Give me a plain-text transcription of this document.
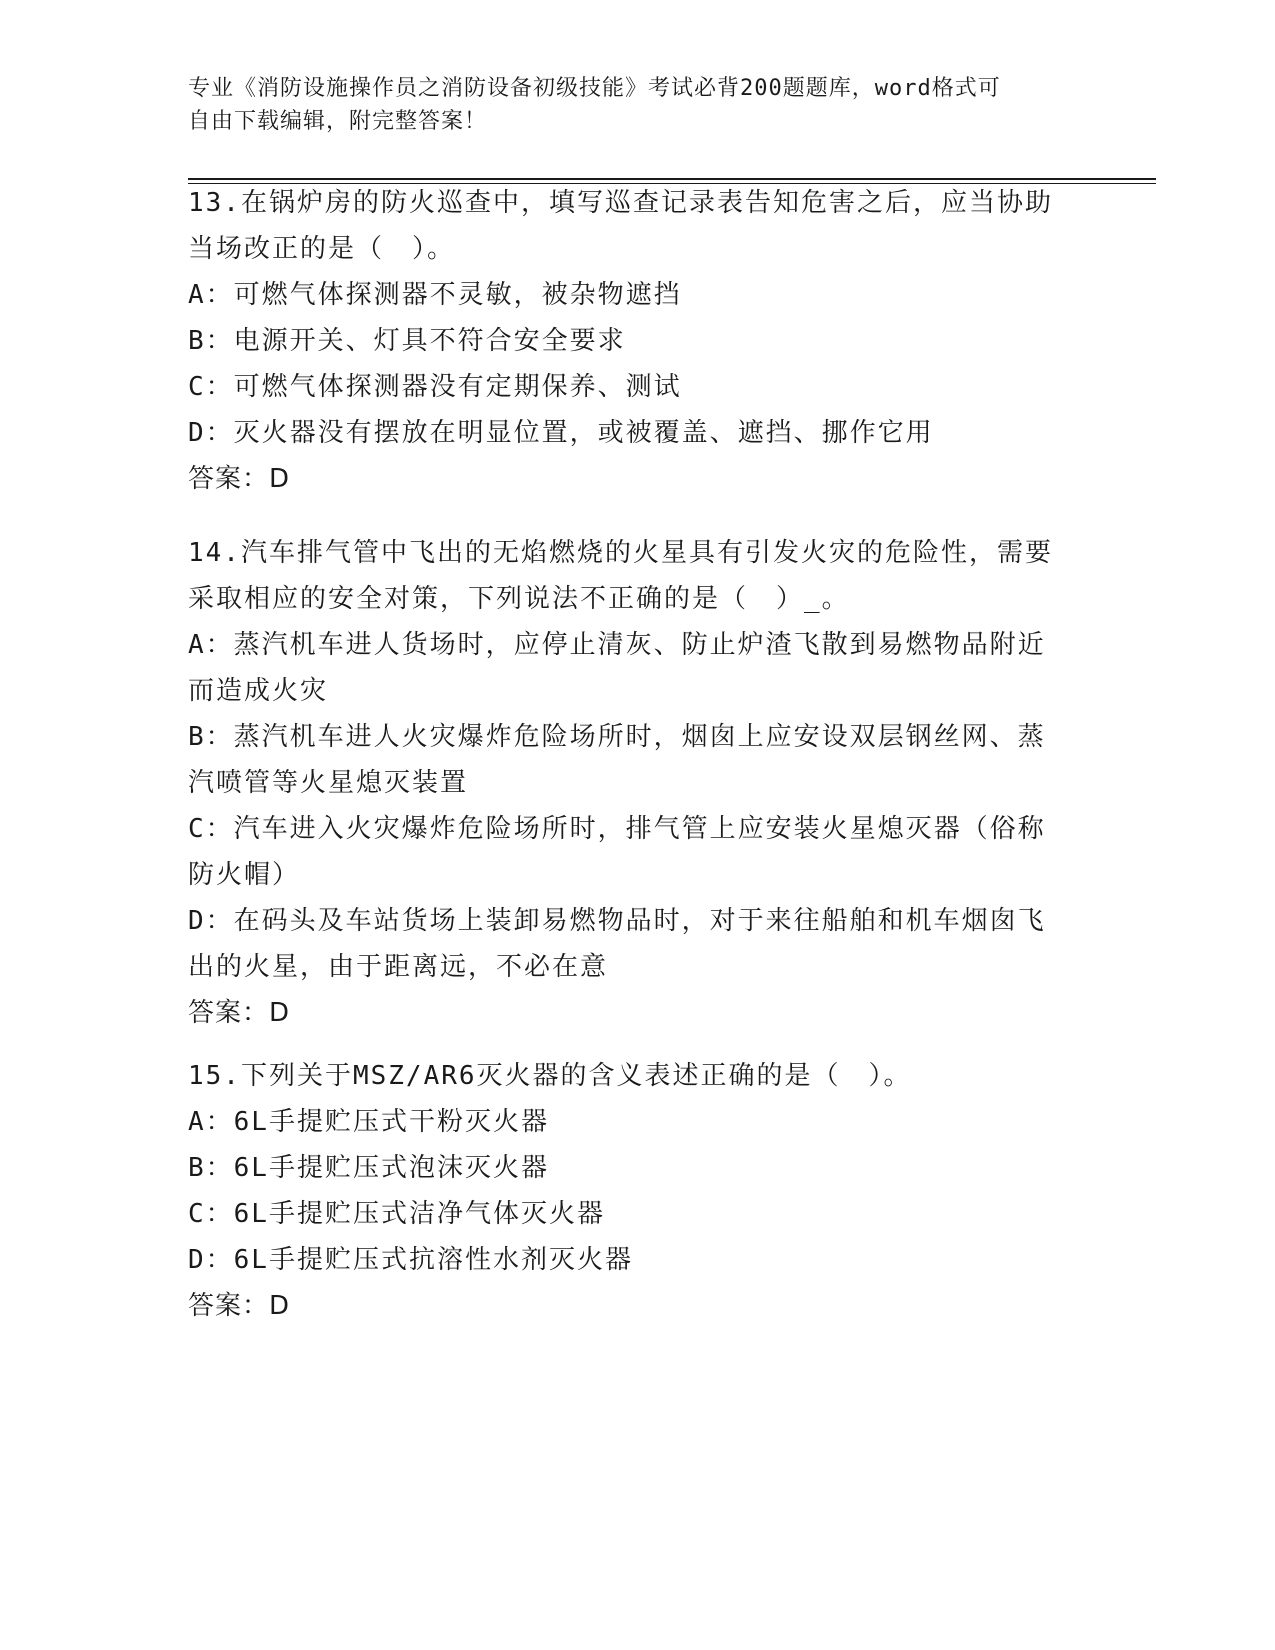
专业《消防设施操作员之消防设备初级技能》考试必背200题题库，word格式可
自由下载编辑，附完整答案！
13.在锅炉房的防火巡查中，填写巡查记录表告知危害之后，应当协助
当场改正的是（　）。
A：可燃气体探测器不灵敏，被杂物遮挡
B：电源开关、灯具不符合安全要求
C：可燃气体探测器没有定期保养、测试
D：灭火器没有摆放在明显位置，或被覆盖、遮挡、挪作它用
答案：D
14.汽车排气管中飞出的无焰燃烧的火星具有引发火灾的危险性，需要
采取相应的安全对策，下列说法不正确的是（　）_。
A：蒸汽机车进人货场时，应停止清灰、防止炉渣飞散到易燃物品附近
而造成火灾
B：蒸汽机车进人火灾爆炸危险场所时，烟囱上应安设双层钢丝网、蒸
汽喷管等火星熄灭装置
C：汽车进入火灾爆炸危险场所时，排气管上应安装火星熄灭器（俗称
防火帽）
D：在码头及车站货场上装卸易燃物品时，对于来往船舶和机车烟囱飞
出的火星，由于距离远，不必在意
答案：D
15.下列关于MSZ/AR6灭火器的含义表述正确的是（　）。
A：6L手提贮压式干粉灭火器
B：6L手提贮压式泡沫灭火器
C：6L手提贮压式洁净气体灭火器
D：6L手提贮压式抗溶性水剂灭火器
答案：D
